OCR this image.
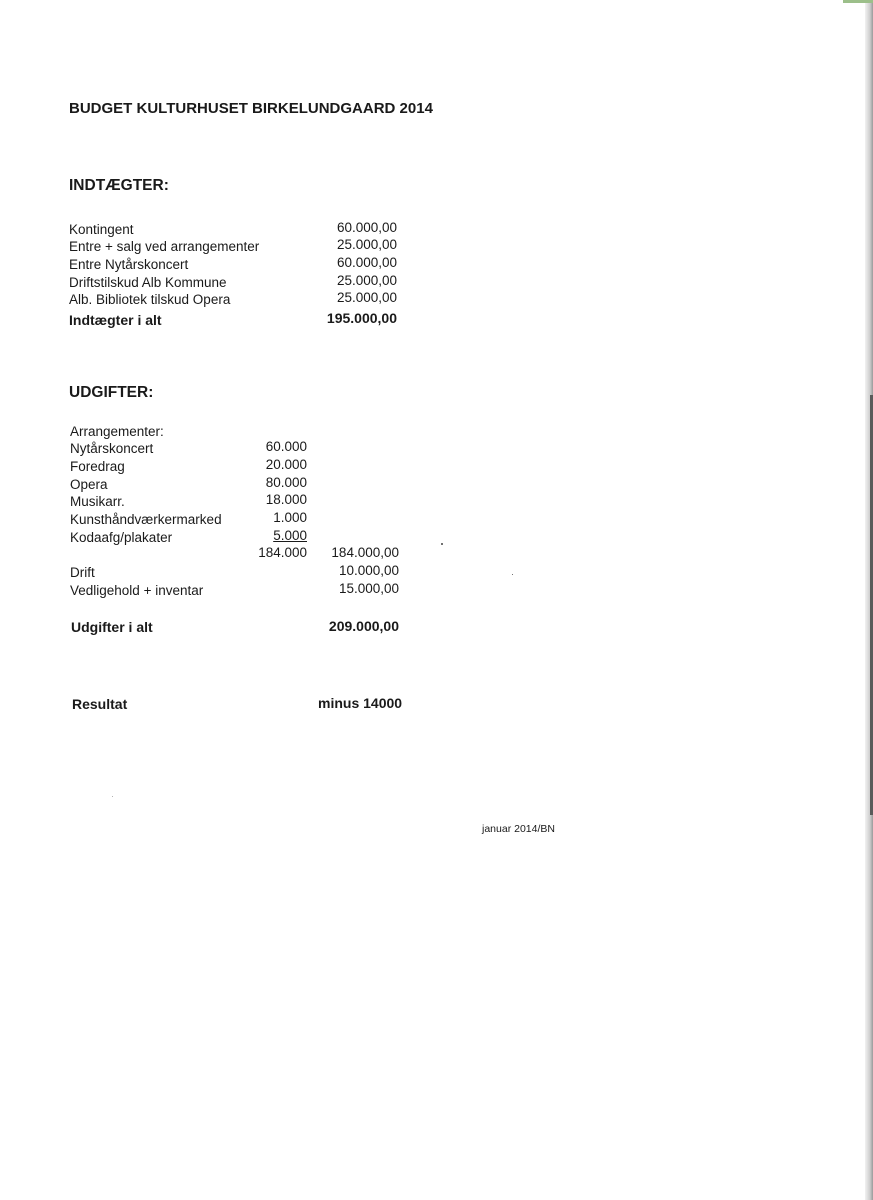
BUDGET KULTURHUSET BIRKELUNDGAARD 2014
INDTÆGTER:
Kontingent	60.000,00
Entre + salg ved arrangementer	25.000,00
Entre Nytårskoncert	60.000,00
Driftstilskud Alb Kommune	25.000,00
Alb. Bibliotek tilskud Opera	25.000,00
Indtægter i alt	195.000,00
UDGIFTER:
Arrangementer:
Nytårskoncert	60.000
Foredrag	20.000
Opera	80.000
Musikarr.	18.000
Kunsthåndværkermarked	1.000
Kodaafg/plakater	5.000
184.000	184.000,00
Drift	10.000,00
Vedligehold + inventar	15.000,00
Udgifter i alt	209.000,00
Resultat	minus 14000
januar 2014/BN
